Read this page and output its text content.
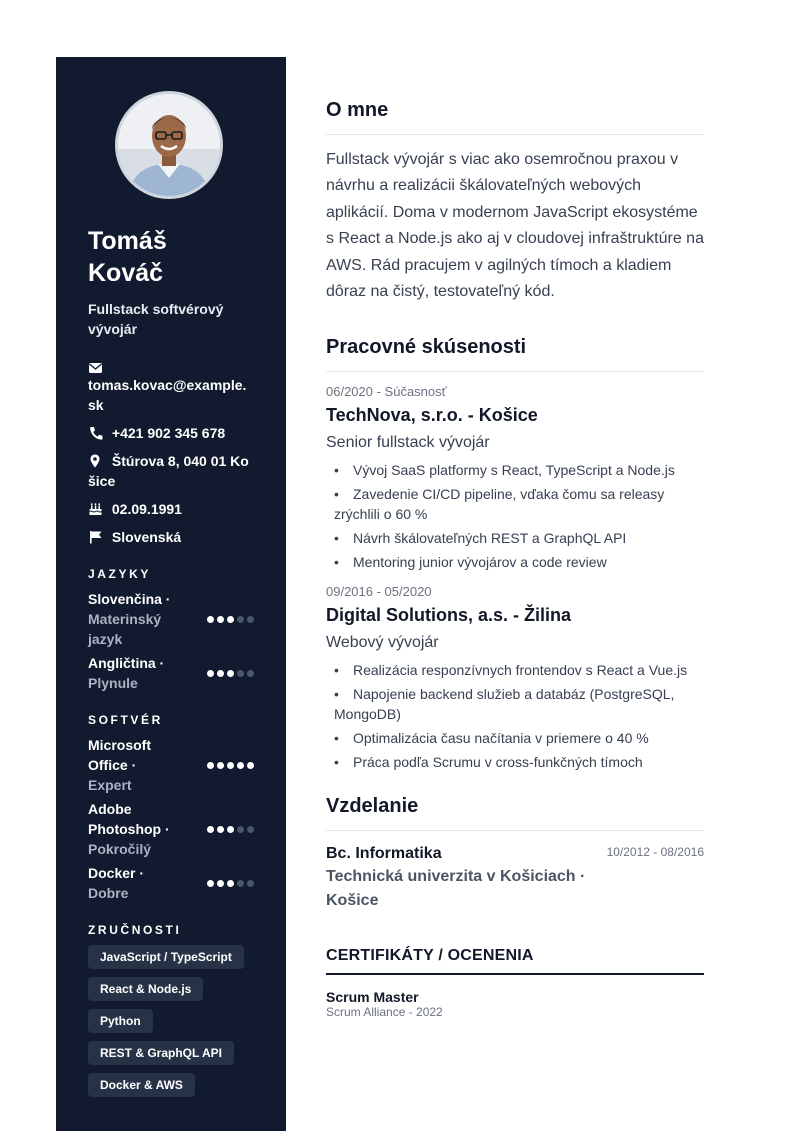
Tomáš Kováč
Fullstack softvérový vývojár
tomas.kovac@example.sk
+421 902 345 678
Štúrova 8, 040 01 Košice
02.09.1991
Slovenská
JAZYKY
Slovenčina · Materinský jazyk
Angličtina · Plynule
SOFTVÉR
Microsoft Office · Expert
Adobe Photoshop · Pokročilý
Docker · Dobre
ZRUČNOSTI
JavaScript / TypeScript
React & Node.js
Python
REST & GraphQL API
Docker & AWS
O mne

Fullstack vývojár s viac ako osemročnou praxou v návrhu a realizácii škálovateľných webových aplikácií. Doma v modernom JavaScript ekosystéme s React a Node.js ako aj v cloudovej infraštruktúre na AWS. Rád pracujem v agilných tímoch a kladiem dôraz na čistý, testovateľný kód.

Pracovné skúsenosti
06/2020 - Súčasnosť
TechNova, s.r.o. - Košice
Senior fullstack vývojár
• Vývoj SaaS platformy s React, TypeScript a Node.js
• Zavedenie CI/CD pipeline, vďaka čomu sa releasy zrýchlili o 60 %
• Návrh škálovateľných REST a GraphQL API
• Mentoring junior vývojárov a code review
09/2016 - 05/2020
Digital Solutions, a.s. - Žilina
Webový vývojár
• Realizácia responzívnych frontendov s React a Vue.js
• Napojenie backend služieb a databáz (PostgreSQL, MongoDB)
• Optimalizácia času načítania v priemere o 40 %
• Práca podľa Scrumu v cross-funkčných tímoch
Vzdelanie
Bc. Informatika	10/2012 - 08/2016
Technická univerzita v Košiciach · Košice
CERTIFIKÁTY / OCENENIA
Scrum Master
Scrum Alliance - 2022
